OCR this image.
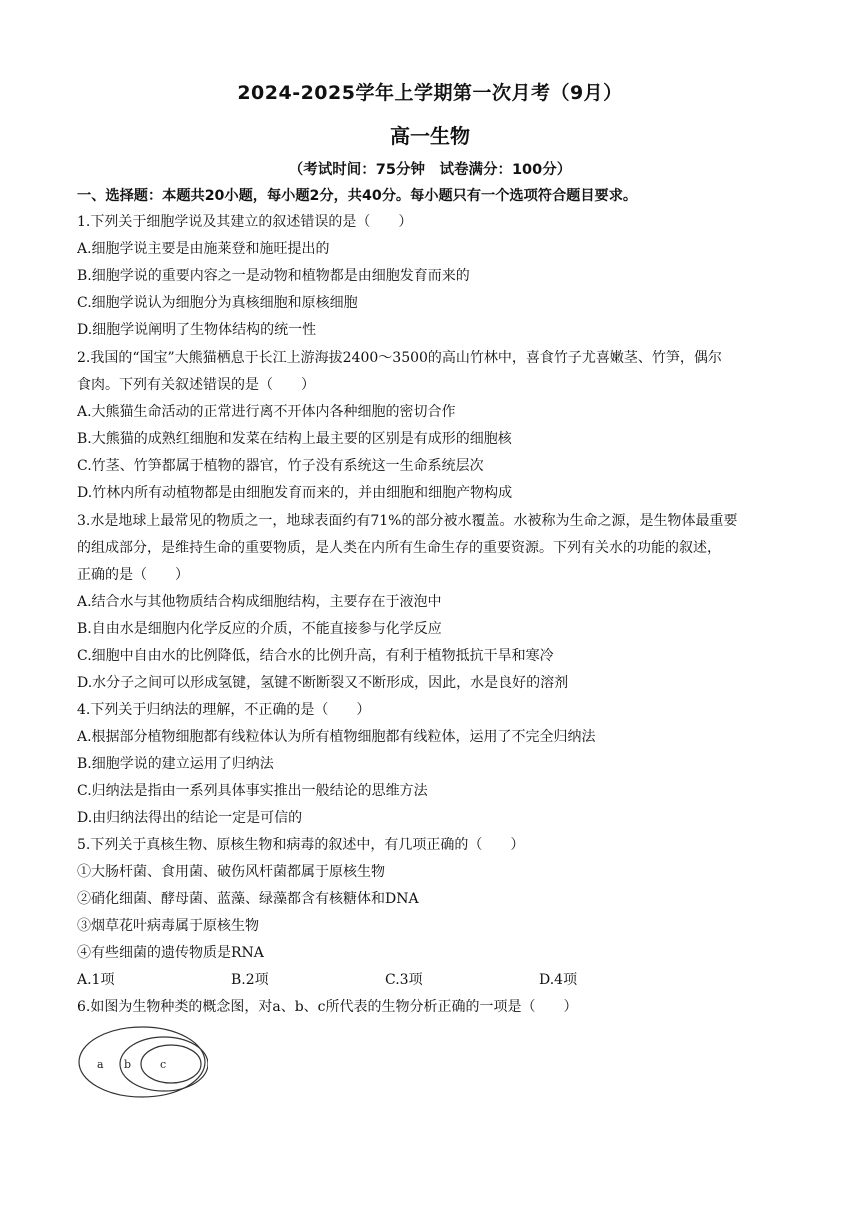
2024-2025学年上学期第一次月考（9月）
高一生物
（考试时间：75分钟　试卷满分：100分）
一、选择题：本题共20小题，每小题2分，共40分。每小题只有一个选项符合题目要求。
1.下列关于细胞学说及其建立的叙述错误的是（　　）
A.细胞学说主要是由施莱登和施旺提出的
B.细胞学说的重要内容之一是动物和植物都是由细胞发育而来的
C.细胞学说认为细胞分为真核细胞和原核细胞
D.细胞学说阐明了生物体结构的统一性
2.我国的“国宝”大熊猫栖息于长江上游海拔2400～3500的高山竹林中，喜食竹子尤喜嫩茎、竹笋，偶尔
食肉。下列有关叙述错误的是（　　）
A.大熊猫生命活动的正常进行离不开体内各种细胞的密切合作
B.大熊猫的成熟红细胞和发菜在结构上最主要的区别是有成形的细胞核
C.竹茎、竹笋都属于植物的器官，竹子没有系统这一生命系统层次
D.竹林内所有动植物都是由细胞发育而来的，并由细胞和细胞产物构成
3.水是地球上最常见的物质之一，地球表面约有71%的部分被水覆盖。水被称为生命之源，是生物体最重要
的组成部分，是维持生命的重要物质，是人类在内所有生命生存的重要资源。下列有关水的功能的叙述，
正确的是（　　）
A.结合水与其他物质结合构成细胞结构，主要存在于液泡中
B.自由水是细胞内化学反应的介质，不能直接参与化学反应
C.细胞中自由水的比例降低，结合水的比例升高，有利于植物抵抗干旱和寒冷
D.水分子之间可以形成氢键，氢键不断断裂又不断形成，因此，水是良好的溶剂
4.下列关于归纳法的理解，不正确的是（　　）
A.根据部分植物细胞都有线粒体认为所有植物细胞都有线粒体，运用了不完全归纳法
B.细胞学说的建立运用了归纳法
C.归纳法是指由一系列具体事实推出一般结论的思维方法
D.由归纳法得出的结论一定是可信的
5.下列关于真核生物、原核生物和病毒的叙述中，有几项正确的（　　）
①大肠杆菌、食用菌、破伤风杆菌都属于原核生物
②硝化细菌、酵母菌、蓝藻、绿藻都含有核糖体和DNA
③烟草花叶病毒属于原核生物
④有些细菌的遗传物质是RNA
A.1项	B.2项	C.3项	D.4项
6.如图为生物种类的概念图，对a、b、c所代表的生物分析正确的一项是（　　）
a b	c
